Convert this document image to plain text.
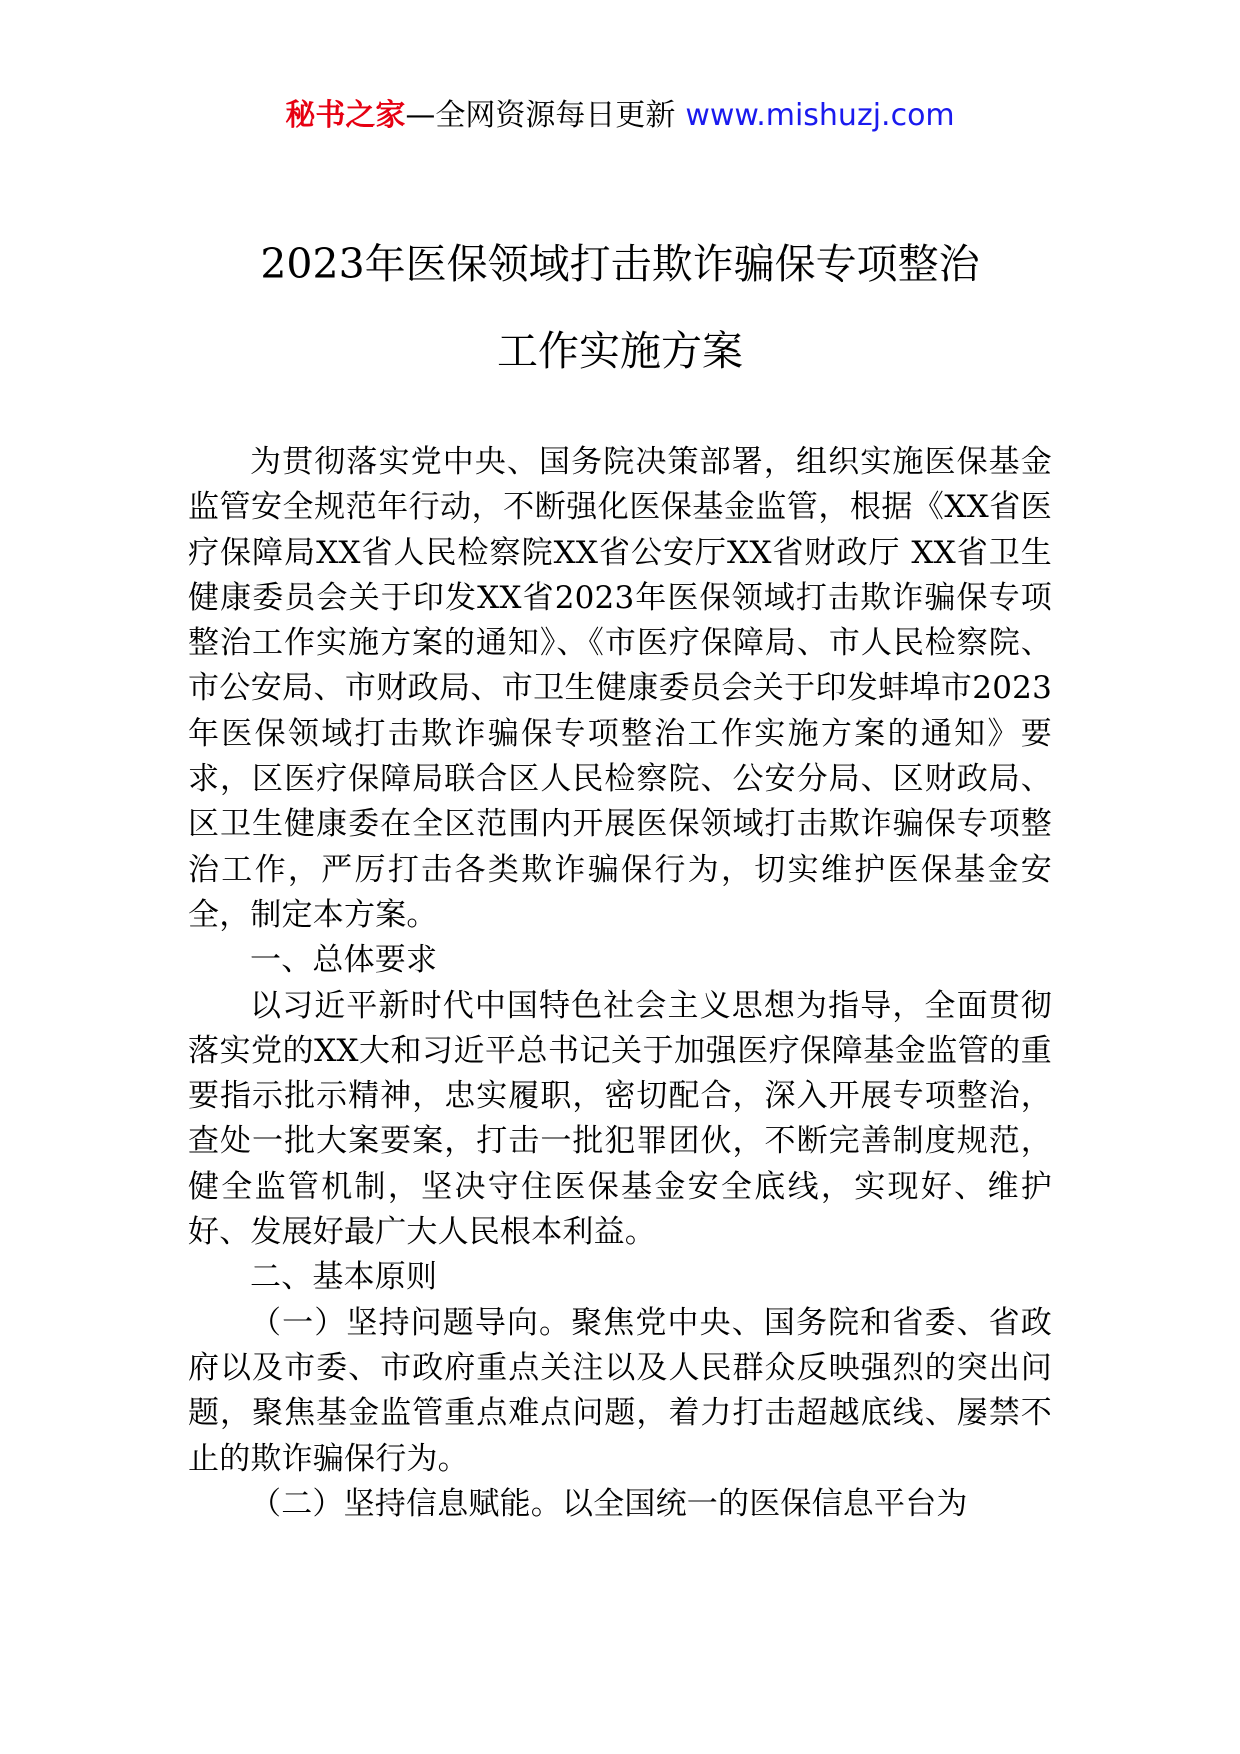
秘书之家—全网资源每日更新 www.mishuzj.com
2023年医保领域打击欺诈骗保专项整治
工作实施方案

为贯彻落实党中央、国务院决策部署，组织实施医保基金监管安全规范年行动，不断强化医保基金监管，根据《XX省医疗保障局XX省人民检察院XX省公安厅XX省财政厅 XX省卫生健康委员会关于印发XX省2023年医保领域打击欺诈骗保专项整治工作实施方案的通知》、《市医疗保障局、市人民检察院、市公安局、市财政局、市卫生健康委员会关于印发蚌埠市2023年医保领域打击欺诈骗保专项整治工作实施方案的通知》要求，区医疗保障局联合区人民检察院、公安分局、区财政局、区卫生健康委在全区范围内开展医保领域打击欺诈骗保专项整治工作，严厉打击各类欺诈骗保行为，切实维护医保基金安全，制定本方案。

一、总体要求

以习近平新时代中国特色社会主义思想为指导，全面贯彻落实党的XX大和习近平总书记关于加强医疗保障基金监管的重要指示批示精神，忠实履职，密切配合，深入开展专项整治，查处一批大案要案，打击一批犯罪团伙，不断完善制度规范，健全监管机制，坚决守住医保基金安全底线，实现好、维护好、发展好最广大人民根本利益。

二、基本原则

（一）坚持问题导向。聚焦党中央、国务院和省委、省政府以及市委、市政府重点关注以及人民群众反映强烈的突出问题，聚焦基金监管重点难点问题，着力打击超越底线、屡禁不止的欺诈骗保行为。

（二）坚持信息赋能。以全国统一的医保信息平台为
